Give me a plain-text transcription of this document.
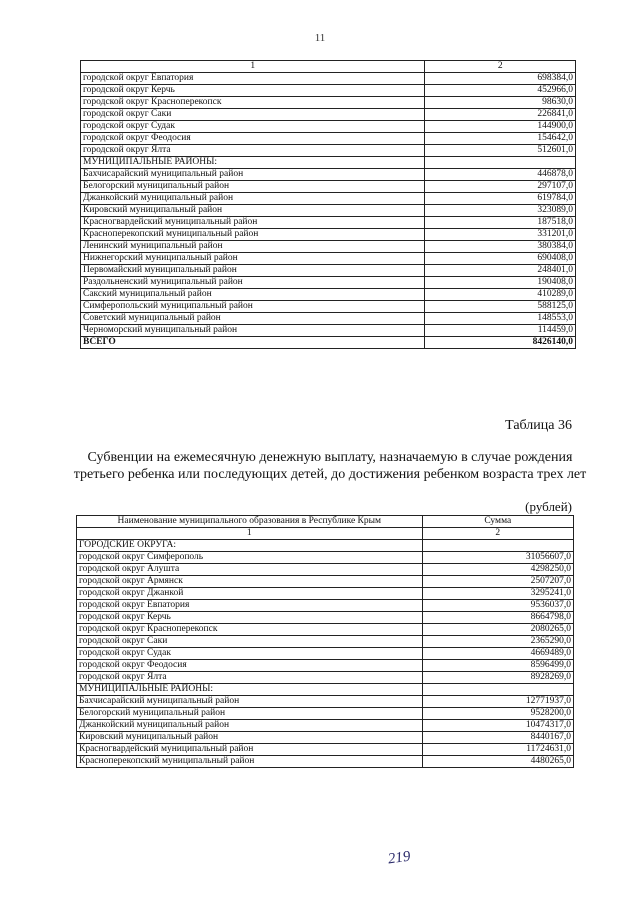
11
1	2
городской округ Евпатория	698384,0
городской округ Керчь	452966,0
городской округ Красноперекопск	98630,0
городской округ Саки	226841,0
городской округ Судак	144900,0
городской округ Феодосия	154642,0
городской округ Ялта	512601,0
МУНИЦИПАЛЬНЫЕ РАЙОНЫ:	
Бахчисарайский муниципальный район	446878,0
Белогорский муниципальный район	297107,0
Джанкойский муниципальный район	619784,0
Кировский муниципальный район	323089,0
Красногвардейский муниципальный район	187518,0
Красноперекопский муниципальный район	331201,0
Ленинский муниципальный район	380384,0
Нижнегорский муниципальный район	690408,0
Первомайский муниципальный район	248401,0
Раздольненский муниципальный район	190408,0
Сакский муниципальный район	410289,0
Симферопольский муниципальный район	588125,0
Советский муниципальный район	148553,0
Черноморский муниципальный район	114459,0
ВСЕГО	8426140,0
Таблица 36
Субвенции на ежемесячную денежную выплату, назначаемую в случае рождения третьего ребенка или последующих детей, до достижения ребенком возраста трех лет
(рублей)
Наименование муниципального образования в Республике Крым	Сумма
1	2
ГОРОДСКИЕ ОКРУГА:	
городской округ Симферополь	31056607,0
городской округ Алушта	4298250,0
городской округ Армянск	2507207,0
городской округ Джанкой	3295241,0
городской округ Евпатория	9536037,0
городской округ Керчь	8664798,0
городской округ Красноперекопск	2080265,0
городской округ Саки	2365290,0
городской округ Судак	4669489,0
городской округ Феодосия	8596499,0
городской округ Ялта	8928269,0
МУНИЦИПАЛЬНЫЕ РАЙОНЫ:	
Бахчисарайский муниципальный район	12771937,0
Белогорский муниципальный район	9528200,0
Джанкойский муниципальный район	10474317,0
Кировский муниципальный район	8440167,0
Красногвардейский муниципальный район	11724631,0
Красноперекопский муниципальный район	4480265,0
219
